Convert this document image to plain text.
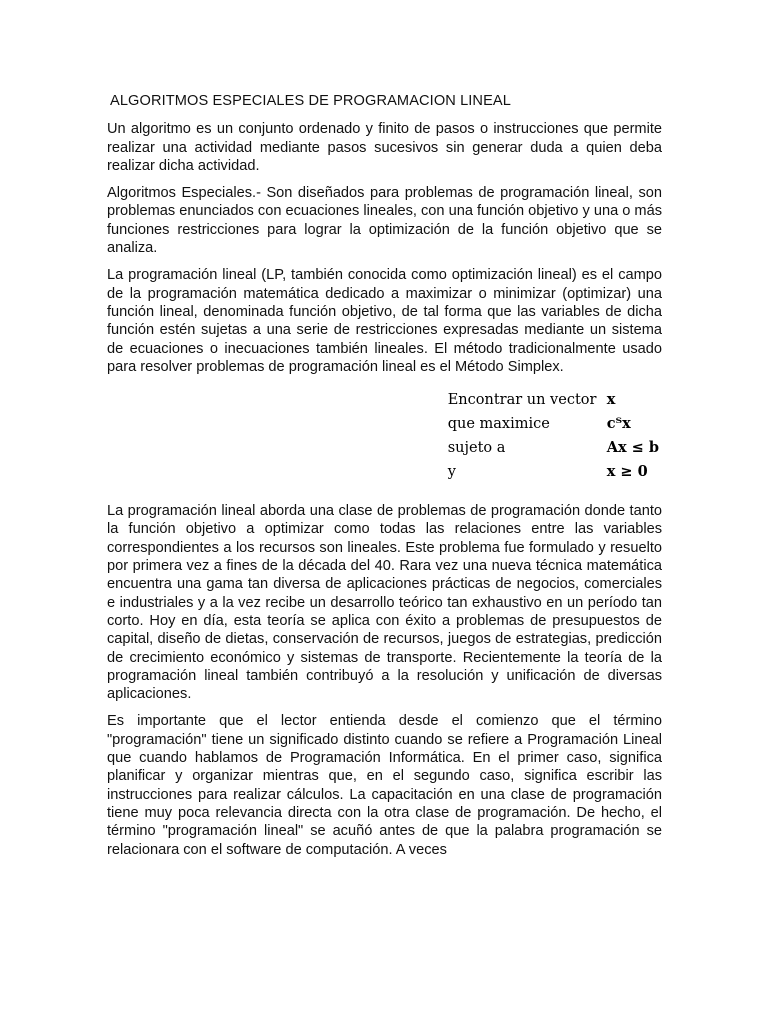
ALGORITMOS ESPECIALES DE PROGRAMACION LINEAL

Un algoritmo es un conjunto ordenado y finito de pasos o instrucciones que permite realizar una actividad mediante pasos sucesivos sin generar duda a quien deba realizar dicha actividad.

Algoritmos Especiales.- Son diseñados para problemas de programación lineal, son problemas enunciados con ecuaciones lineales, con una función objetivo y una o más funciones restricciones para lograr la optimización de la función objetivo que se analiza.

La programación lineal (LP, también conocida como optimización lineal) es el campo de la programación matemática dedicado a maximizar o minimizar (optimizar) una función lineal, denominada función objetivo, de tal forma que las variables de dicha función estén sujetas a una serie de restricciones expresadas mediante un sistema de ecuaciones o inecuaciones también lineales. El método tradicionalmente usado para resolver problemas de programación lineal es el Método Simplex.

Encontrar un vector	x
que maximice	cᵀx
sujeto a	Ax ≤ b
y	x ≥ 0

La programación lineal aborda una clase de problemas de programación donde tanto la función objetivo a optimizar como todas las relaciones entre las variables correspondientes a los recursos son lineales. Este problema fue formulado y resuelto por primera vez a fines de la década del 40. Rara vez una nueva técnica matemática encuentra una gama tan diversa de aplicaciones prácticas de negocios, comerciales e industriales y a la vez recibe un desarrollo teórico tan exhaustivo en un período tan corto. Hoy en día, esta teoría se aplica con éxito a problemas de presupuestos de capital, diseño de dietas, conservación de recursos, juegos de estrategias, predicción de crecimiento económico y sistemas de transporte. Recientemente la teoría de la programación lineal también contribuyó a la resolución y unificación de diversas aplicaciones.

Es importante que el lector entienda desde el comienzo que el término "programación" tiene un significado distinto cuando se refiere a Programación Lineal que cuando hablamos de Programación Informática. En el primer caso, significa planificar y organizar mientras que, en el segundo caso, significa escribir las instrucciones para realizar cálculos. La capacitación en una clase de programación tiene muy poca relevancia directa con la otra clase de programación. De hecho, el término "programación lineal" se acuñó antes de que la palabra programación se relacionara con el software de computación. A veces
